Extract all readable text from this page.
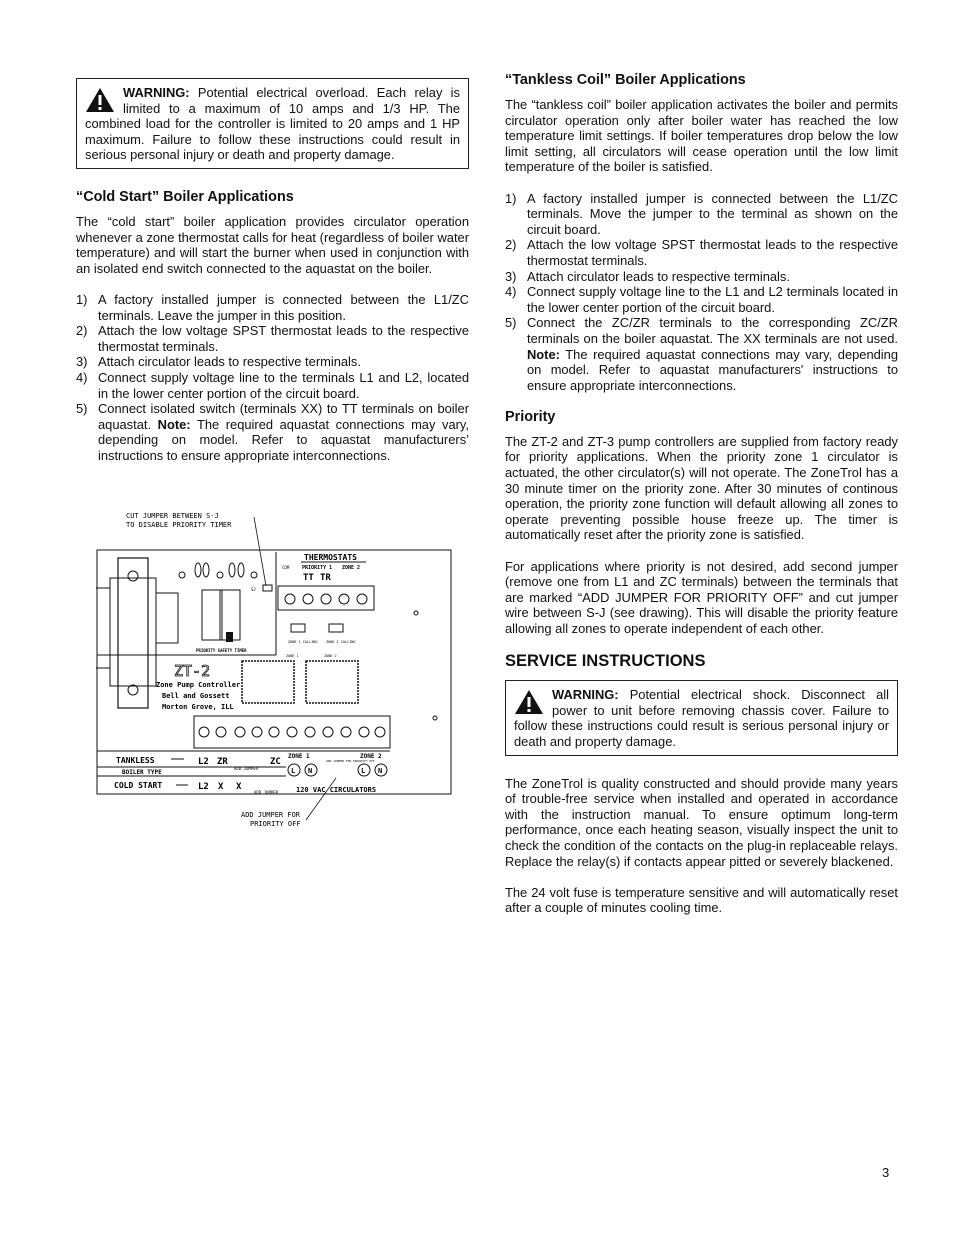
WARNING: Potential electrical overload. Each relay is limited to a maximum of 10 amps and 1/3 HP. The combined load for the controller is limited to 20 amps and 1 HP maximum. Failure to follow these instructions could result in serious personal injury or death and property damage.

“Cold Start” Boiler Applications

The “cold start” boiler application provides circulator operation whenever a zone thermostat calls for heat (regardless of boiler water temperature) and will start the burner when used in conjunction with an isolated end switch connected to the aquastat on the boiler.

1) A factory installed jumper is connected between the L1/ZC terminals. Leave the jumper in this position.
2) Attach the low voltage SPST thermostat leads to the respective thermostat terminals.
3) Attach circulator leads to respective terminals.
4) Connect supply voltage line to the terminals L1 and L2, located in the lower center portion of the circuit board.
5) Connect isolated switch (terminals XX) to TT terminals on boiler aquastat. Note: The required aquastat connections may vary, depending on model. Refer to aquastat manufacturers’ instructions to ensure appropriate interconnections.
CUT JUMPER BETWEEN S-J
TO DISABLE PRIORITY TIMER
SJ
PRIORITY SAFETY TIMER
THERMOSTATS
COM	PRIORITY 1 ZONE 2
TT TR
ZONE 1 CALLING ZONE 2 CALLING
ZONE 1	ZONE 2
ZT-2
Zone Pump Controller
Bell and Gossett
Morton Grove, ILL
TANKLESS
BOILER TYPE
COLD START
L2 ZR	ZC
ADD JUMPER
L2 X X
ADD JUMPER
ZONE 1	ZONE 2
L N	L N
ADD JUMPER FOR PRIORITY OFF
120 VAC CIRCULATORS
ADD JUMPER FOR
PRIORITY OFF
“Tankless Coil” Boiler Applications

The “tankless coil” boiler application activates the boiler and permits circulator operation only after boiler water has reached the low temperature limit settings. If boiler temperatures drop below the low limit setting, all circulators will cease operation until the low limit temperature of the boiler is satisfied.

1) A factory installed jumper is connected between the L1/ZC terminals. Move the jumper to the terminal as shown on the circuit board.
2) Attach the low voltage SPST thermostat leads to the respective thermostat terminals.
3) Attach circulator leads to respective terminals.
4) Connect supply voltage line to the L1 and L2 terminals located in the lower center portion of the circuit board.
5) Connect the ZC/ZR terminals to the corresponding ZC/ZR terminals on the boiler aquastat. The XX terminals are not used. Note: The required aquastat connections may vary, depending on model. Refer to aquastat manufacturers' instructions to ensure appropriate interconnections.
Priority

The ZT-2 and ZT-3 pump controllers are supplied from factory ready for priority applications. When the priority zone 1 circulator is actuated, the other circulator(s) will not operate. The ZoneTrol has a 30 minute timer on the priority zone. After 30 minutes of continous operation, the priority zone function will default allowing all zones to operate preventing possible house freeze up. The timer is automatically reset after the priority zone is satisfied.

For applications where priority is not desired, add second jumper (remove one from L1 and ZC terminals) between the terminals that are marked “ADD JUMPER FOR PRIORITY OFF” and cut jumper wire between S-J (see drawing). This will disable the priority feature allowing all zones to operate independent of each other.

SERVICE INSTRUCTIONS

WARNING: Potential electrical shock. Disconnect all power to unit before removing chassis cover. Failure to follow these instructions could result is serious personal injury or death and property damage.

The ZoneTrol is quality constructed and should provide many years of trouble-free service when installed and operated in accordance with the instruction manual. To ensure optimum long-term performance, once each heating season, visually inspect the unit to check the condition of the contacts on the plug-in replaceable relays. Replace the relay(s) if contacts appear pitted or severely blackened.

The 24 volt fuse is temperature sensitive and will automatically reset after a couple of minutes cooling time.

3
